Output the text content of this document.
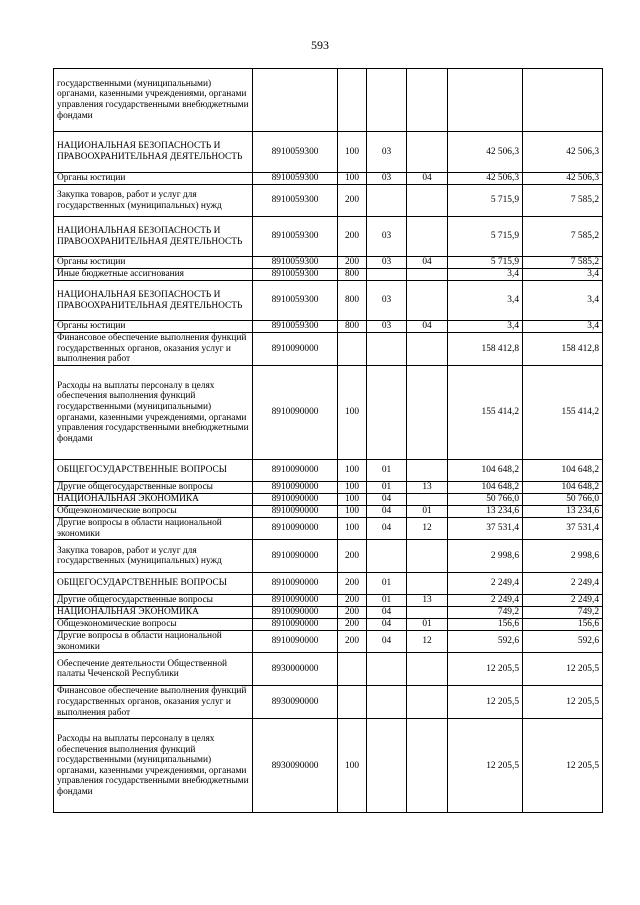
593
государственными (муниципальными) органами, казенными учреждениями, органами управления государственными внебюджетными фондами						
НАЦИОНАЛЬНАЯ БЕЗОПАСНОСТЬ И ПРАВООХРАНИТЕЛЬНАЯ ДЕЯТЕЛЬНОСТЬ	8910059300	100	03		42 506,3	42 506,3
Органы юстиции	8910059300	100	03	04	42 506,3	42 506,3
Закупка товаров, работ и услуг для государственных (муниципальных) нужд	8910059300	200			5 715,9	7 585,2
НАЦИОНАЛЬНАЯ БЕЗОПАСНОСТЬ И ПРАВООХРАНИТЕЛЬНАЯ ДЕЯТЕЛЬНОСТЬ	8910059300	200	03		5 715,9	7 585,2
Органы юстиции	8910059300	200	03	04	5 715,9	7 585,2
Иные бюджетные ассигнования	8910059300	800			3,4	3,4
НАЦИОНАЛЬНАЯ БЕЗОПАСНОСТЬ И ПРАВООХРАНИТЕЛЬНАЯ ДЕЯТЕЛЬНОСТЬ	8910059300	800	03		3,4	3,4
Органы юстиции	8910059300	800	03	04	3,4	3,4
Финансовое обеспечение выполнения функций государственных органов, оказания услуг и выполнения работ	8910090000				158 412,8	158 412,8
Расходы на выплаты персоналу в целях обеспечения выполнения функций государственными (муниципальными) органами, казенными учреждениями, органами управления государственными внебюджетными фондами	8910090000	100			155 414,2	155 414,2
ОБЩЕГОСУДАРСТВЕННЫЕ ВОПРОСЫ	8910090000	100	01		104 648,2	104 648,2
Другие общегосударственные вопросы	8910090000	100	01	13	104 648,2	104 648,2
НАЦИОНАЛЬНАЯ ЭКОНОМИКА	8910090000	100	04		50 766,0	50 766,0
Общеэкономические вопросы	8910090000	100	04	01	13 234,6	13 234,6
Другие вопросы в области национальной экономики	8910090000	100	04	12	37 531,4	37 531,4
Закупка товаров, работ и услуг для государственных (муниципальных) нужд	8910090000	200			2 998,6	2 998,6
ОБЩЕГОСУДАРСТВЕННЫЕ ВОПРОСЫ	8910090000	200	01		2 249,4	2 249,4
Другие общегосударственные вопросы	8910090000	200	01	13	2 249,4	2 249,4
НАЦИОНАЛЬНАЯ ЭКОНОМИКА	8910090000	200	04		749,2	749,2
Общеэкономические вопросы	8910090000	200	04	01	156,6	156,6
Другие вопросы в области национальной экономики	8910090000	200	04	12	592,6	592,6
Обеспечение деятельности Общественной палаты Чеченской Республики	8930000000				12 205,5	12 205,5
Финансовое обеспечение выполнения функций государственных органов, оказания услуг и выполнения работ	8930090000				12 205,5	12 205,5
Расходы на выплаты персоналу в целях обеспечения выполнения функций государственными (муниципальными) органами, казенными учреждениями, органами управления государственными внебюджетными фондами	8930090000	100			12 205,5	12 205,5
